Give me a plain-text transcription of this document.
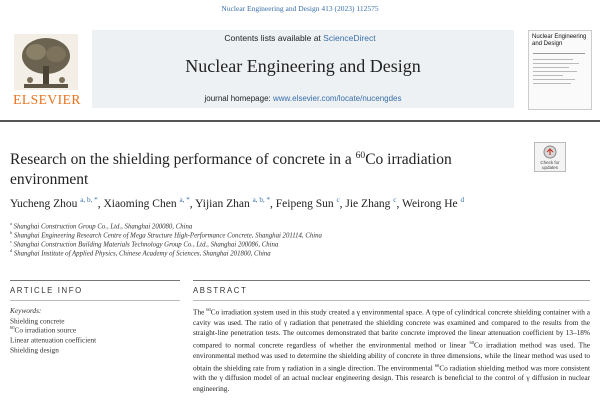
Nuclear Engineering and Design 413 (2023) 112575
Contents lists available at ScienceDirect
Nuclear Engineering and Design
journal homepage: www.elsevier.com/locate/nucengdes
ELSEVIER
Nuclear Engineering and Design
Research on the shielding performance of concrete in a $^{60}$Co irradiation environment
Check for updates
Yucheng Zhou $^{a, b, *}$, Xiaoming Chen $^{a, *}$, Yijian Zhan $^{a, b, *}$, Feipeng Sun $^c$, Jie Zhang $^c$, Weirong He $^d$
$^a$ Shanghai Construction Group Co., Ltd., Shanghai 200080, China
$^b$ Shanghai Engineering Research Centre of Mega Structure High-Performance Concrete, Shanghai 201114, China
$^c$ Shanghai Construction Building Materials Technology Group Co., Ltd., Shanghai 200086, China
$^d$ Shanghai Institute of Applied Physics, Chinese Academy of Sciences, Shanghai 201800, China
ARTICLE INFO	ABSTRACT
Keywords:
Shielding concrete
$^{60}$Co irradiation source
Linear attenuation coefficient
Shielding design
The $^{60}$Co irradiation system used in this study created a γ environmental space. A type of cylindrical concrete shielding container with a cavity was used. The ratio of γ radiation that penetrated the shielding concrete was examined and compared to the results from the straight-line penetration tests. The outcomes demonstrated that barite concrete improved the linear attenuation coefficient by 13–18% compared to normal concrete regardless of whether the environmental method or linear $^{60}$Co irradiation method was used. The environmental method was used to determine the shielding ability of concrete in three dimensions, while the linear method was used to obtain the shielding rate from γ radiation in a single direction. The environmental $^{60}$Co radiation shielding method was more consistent with the γ diffusion model of an actual nuclear engineering design. This research is beneficial to the control of γ diffusion in nuclear engineering.
